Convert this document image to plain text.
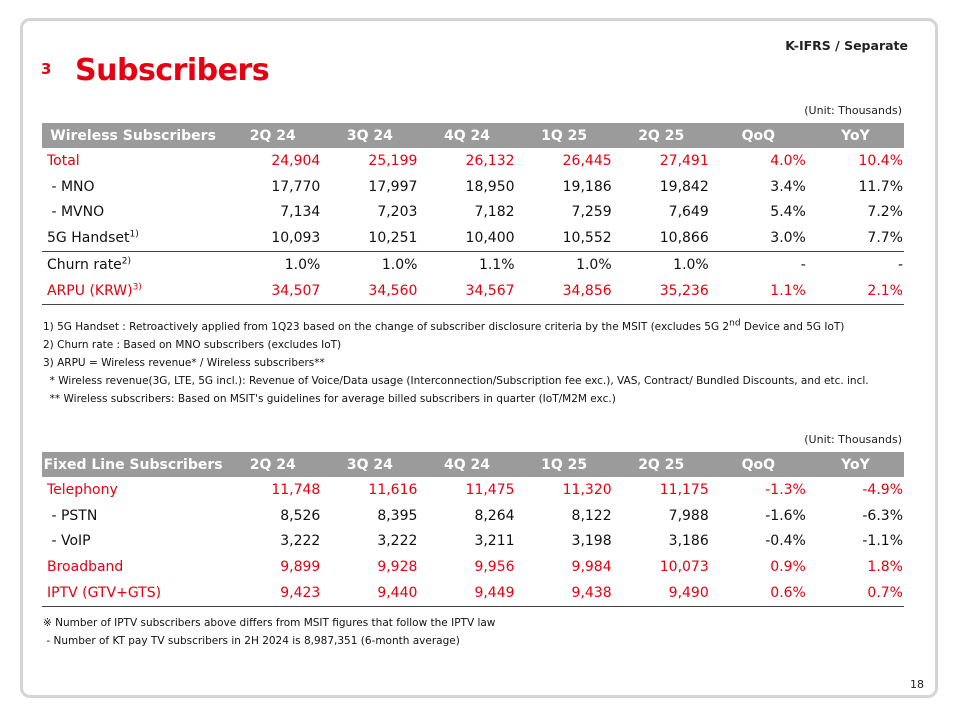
K-IFRS / Separate
3 Subscribers
(Unit: Thousands)
Wireless Subscribers	2Q 24	3Q 24	4Q 24	1Q 25	2Q 25	QoQ	YoY
Total	24,904	25,199	26,132	26,445	27,491	4.0%	10.4%
- MNO	17,770	17,997	18,950	19,186	19,842	3.4%	11.7%
- MVNO	7,134	7,203	7,182	7,259	7,649	5.4%	7.2%
5G Handset$^{1)}$	10,093	10,251	10,400	10,552	10,866	3.0%	7.7%
Churn rate$^{2)}$	1.0%	1.0%	1.1%	1.0%	1.0%	-	-
ARPU (KRW)$^{3)}$	34,507	34,560	34,567	34,856	35,236	1.1%	2.1%
1) 5G Handset : Retroactively applied from 1Q23 based on the change of subscriber disclosure criteria by the MSIT (excludes 5G 2nd Device and 5G IoT)
2) Churn rate : Based on MNO subscribers (excludes IoT)
3) ARPU = Wireless revenue* / Wireless subscribers**
* Wireless revenue(3G, LTE, 5G incl.): Revenue of Voice/Data usage (Interconnection/Subscription fee exc.), VAS, Contract/ Bundled Discounts, and etc. incl.
** Wireless subscribers: Based on MSIT's guidelines for average billed subscribers in quarter (IoT/M2M exc.)
(Unit: Thousands)
Fixed Line Subscribers	2Q 24	3Q 24	4Q 24	1Q 25	2Q 25	QoQ	YoY
Telephony	11,748	11,616	11,475	11,320	11,175	-1.3%	-4.9%
- PSTN	8,526	8,395	8,264	8,122	7,988	-1.6%	-6.3%
- VoIP	3,222	3,222	3,211	3,198	3,186	-0.4%	-1.1%
Broadband	9,899	9,928	9,956	9,984	10,073	0.9%	1.8%
IPTV (GTV+GTS)	9,423	9,440	9,449	9,438	9,490	0.6%	0.7%
※ Number of IPTV subscribers above differs from MSIT figures that follow the IPTV law
- Number of KT pay TV subscribers in 2H 2024 is 8,987,351 (6-month average)
18
